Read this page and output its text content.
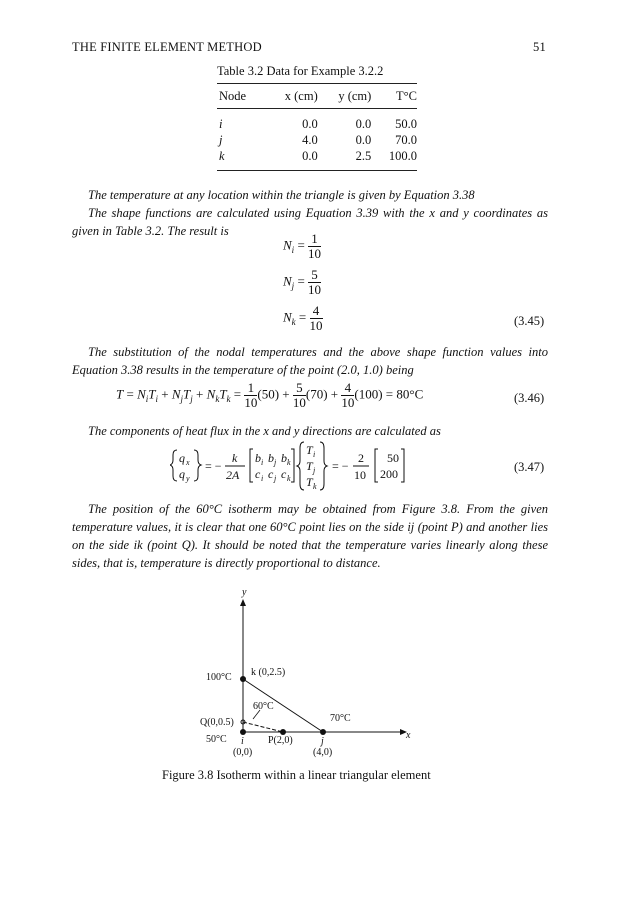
THE FINITE ELEMENT METHOD	51
Table 3.2 Data for Example 3.2.2
Node	x (cm)	y (cm)	T°C
i	0.0	0.0	50.0
j	4.0	0.0	70.0
k	0.0	2.5	100.0
The temperature at any location within the triangle is given by Equation 3.38
The shape functions are calculated using Equation 3.39 with the x and y coordinates as given in Table 3.2. The result is
$N_i = \frac{1}{10}$
$N_j = \frac{5}{10}$
$N_k = \frac{4}{10}$	(3.45)
The substitution of the nodal temperatures and the above shape function values into Equation 3.38 results in the temperature of the point (2.0, 1.0) being
$T = N_iT_i + N_jT_j + N_kT_k = \frac{1}{10} (50) + \frac{5}{10} (70) + \frac{4}{10} (100) = 80^\circ C$	(3.46)
The components of heat flux in the x and y directions are calculated as
q x
q y
= −
k
2A
b i b j b k
c i c j c k
T i
T j
T k
= −
2
10
50
200	(3.47)
The position of the 60°C isotherm may be obtained from Figure 3.8. From the given temperature values, it is clear that one 60°C point lies on the side ij (point P) and another lies on the side ik (point Q). It should be noted that the temperature varies linearly along these sides, that is, temperature is directly proportional to distance.
y
x
100°C k (0,2.5)
60°C
70°C
Q(0,0.5)
50°C i
(0,0)
P(2,0)	j
(4,0)
Figure 3.8 Isotherm within a linear triangular element
